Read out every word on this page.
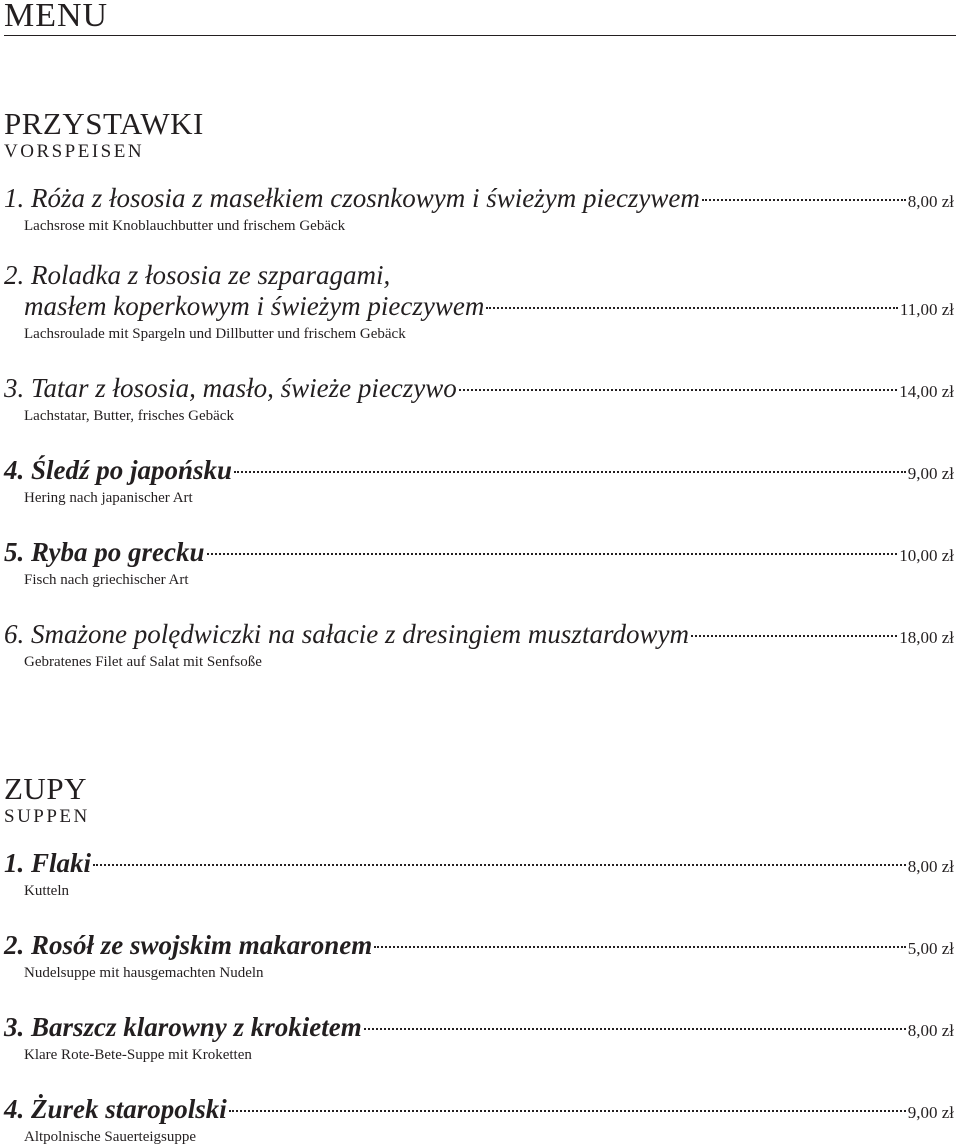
MENU
PRZYSTAWKI
VORSPEISEN
1. Róża z łososia z masełkiem czosnkowym i świeżym pieczywem	8,00 zł
Lachsrose mit Knoblauchbutter und frischem Gebäck
2. Roladka z łososia ze szparagami,
masłem koperkowym i świeżym pieczywem	11,00 zł
Lachsroulade mit Spargeln und Dillbutter und frischem Gebäck
3. Tatar z łososia, masło, świeże pieczywo	14,00 zł
Lachstatar, Butter, frisches Gebäck
4. Śledź po japońsku	9,00 zł
Hering nach japanischer Art
5. Ryba po grecku	10,00 zł
Fisch nach griechischer Art
6. Smażone polędwiczki na sałacie z dresingiem musztardowym	18,00 zł
Gebratenes Filet auf Salat mit Senfsoße
ZUPY
SUPPEN
1. Flaki	8,00 zł
Kutteln
2. Rosół ze swojskim makaronem	5,00 zł
Nudelsuppe mit hausgemachten Nudeln
3. Barszcz klarowny z krokietem	8,00 zł
Klare Rote-Bete-Suppe mit Kroketten
4. Żurek staropolski	9,00 zł
Altpolnische Sauerteigsuppe
